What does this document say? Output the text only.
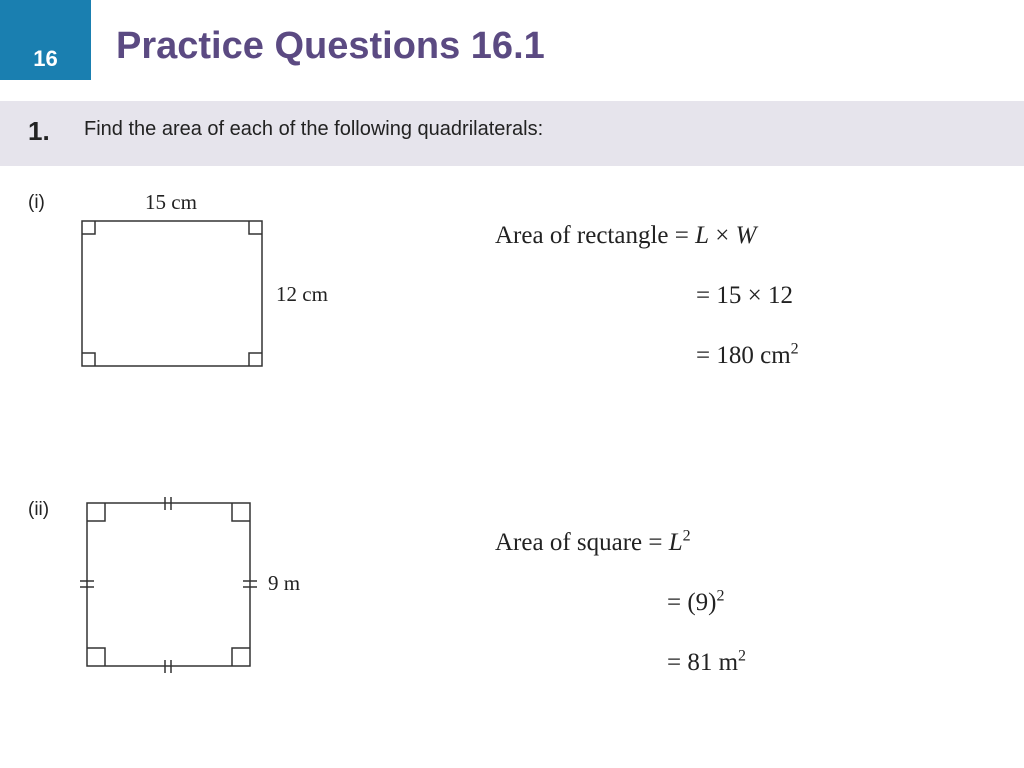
16 Practice Questions 16.1
1. Find the area of each of the following quadrilaterals:
(i)	15 cm
12 cm
Area of rectangle = L × W
= 15 × 12
= 180 $cm^2$
(ii)
9 m
Area of square = $L^2$
= $(9)^2$
= 81 $m^2$
